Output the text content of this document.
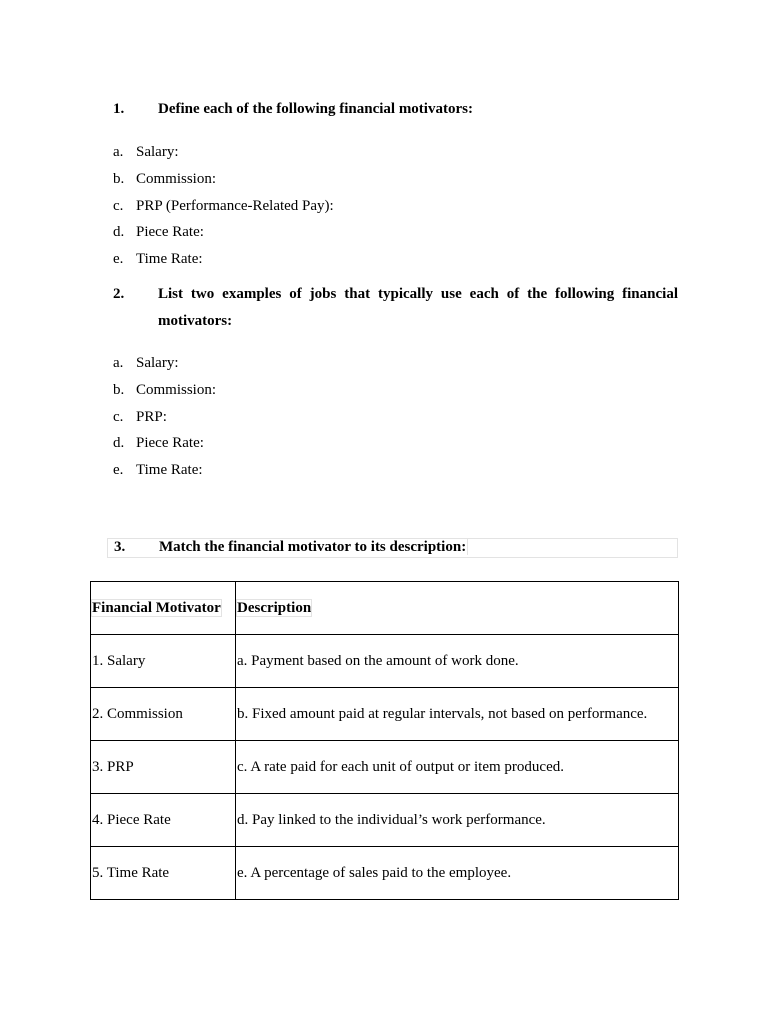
1. Define each of the following financial motivators:
a. Salary:
b. Commission:
c. PRP (Performance-Related Pay):
d. Piece Rate:
e. Time Rate:
2. List two examples of jobs that typically use each of the following financial motivators:
a. Salary:
b. Commission:
c. PRP:
d. Piece Rate:
e. Time Rate:
3. Match the financial motivator to its description:
Financial Motivator	Description
1. Salary	a. Payment based on the amount of work done.
2. Commission	b. Fixed amount paid at regular intervals, not based on performance.
3. PRP	c. A rate paid for each unit of output or item produced.
4. Piece Rate	d. Pay linked to the individual’s work performance.
5. Time Rate	e. A percentage of sales paid to the employee.
